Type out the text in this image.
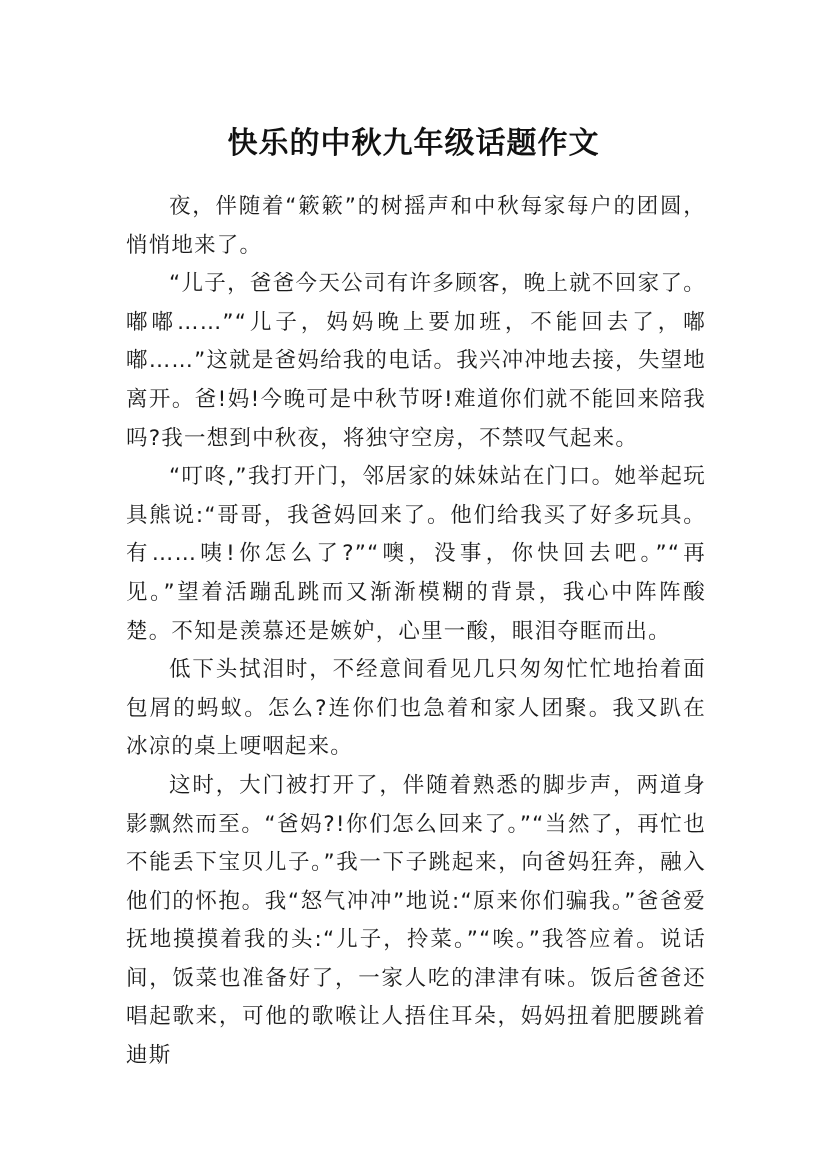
快乐的中秋九年级话题作文

夜，伴随着“簌簌”的树摇声和中秋每家每户的团圆，悄悄地来了。

“儿子，爸爸今天公司有许多顾客，晚上就不回家了。嘟嘟……”“儿子，妈妈晚上要加班，不能回去了，嘟嘟……”这就是爸妈给我的电话。我兴冲冲地去接，失望地离开。爸!妈!今晚可是中秋节呀!难道你们就不能回来陪我吗?我一想到中秋夜，将独守空房，不禁叹气起来。

“叮咚,”我打开门，邻居家的妹妹站在门口。她举起玩具熊说:“哥哥，我爸妈回来了。他们给我买了好多玩具。有……咦!你怎么了?”“噢，没事，你快回去吧。”“再见。”望着活蹦乱跳而又渐渐模糊的背景，我心中阵阵酸楚。不知是羡慕还是嫉妒，心里一酸，眼泪夺眶而出。

低下头拭泪时，不经意间看见几只匆匆忙忙地抬着面包屑的蚂蚁。怎么?连你们也急着和家人团聚。我又趴在冰凉的桌上哽咽起来。

这时，大门被打开了，伴随着熟悉的脚步声，两道身影飘然而至。“爸妈?!你们怎么回来了。”“当然了，再忙也不能丢下宝贝儿子。”我一下子跳起来，向爸妈狂奔，融入他们的怀抱。我“怒气冲冲”地说:“原来你们骗我。”爸爸爱抚地摸摸着我的头:“儿子，拎菜。”“唉。”我答应着。说话间，饭菜也准备好了，一家人吃的津津有味。饭后爸爸还唱起歌来，可他的歌喉让人捂住耳朵，妈妈扭着肥腰跳着迪斯
